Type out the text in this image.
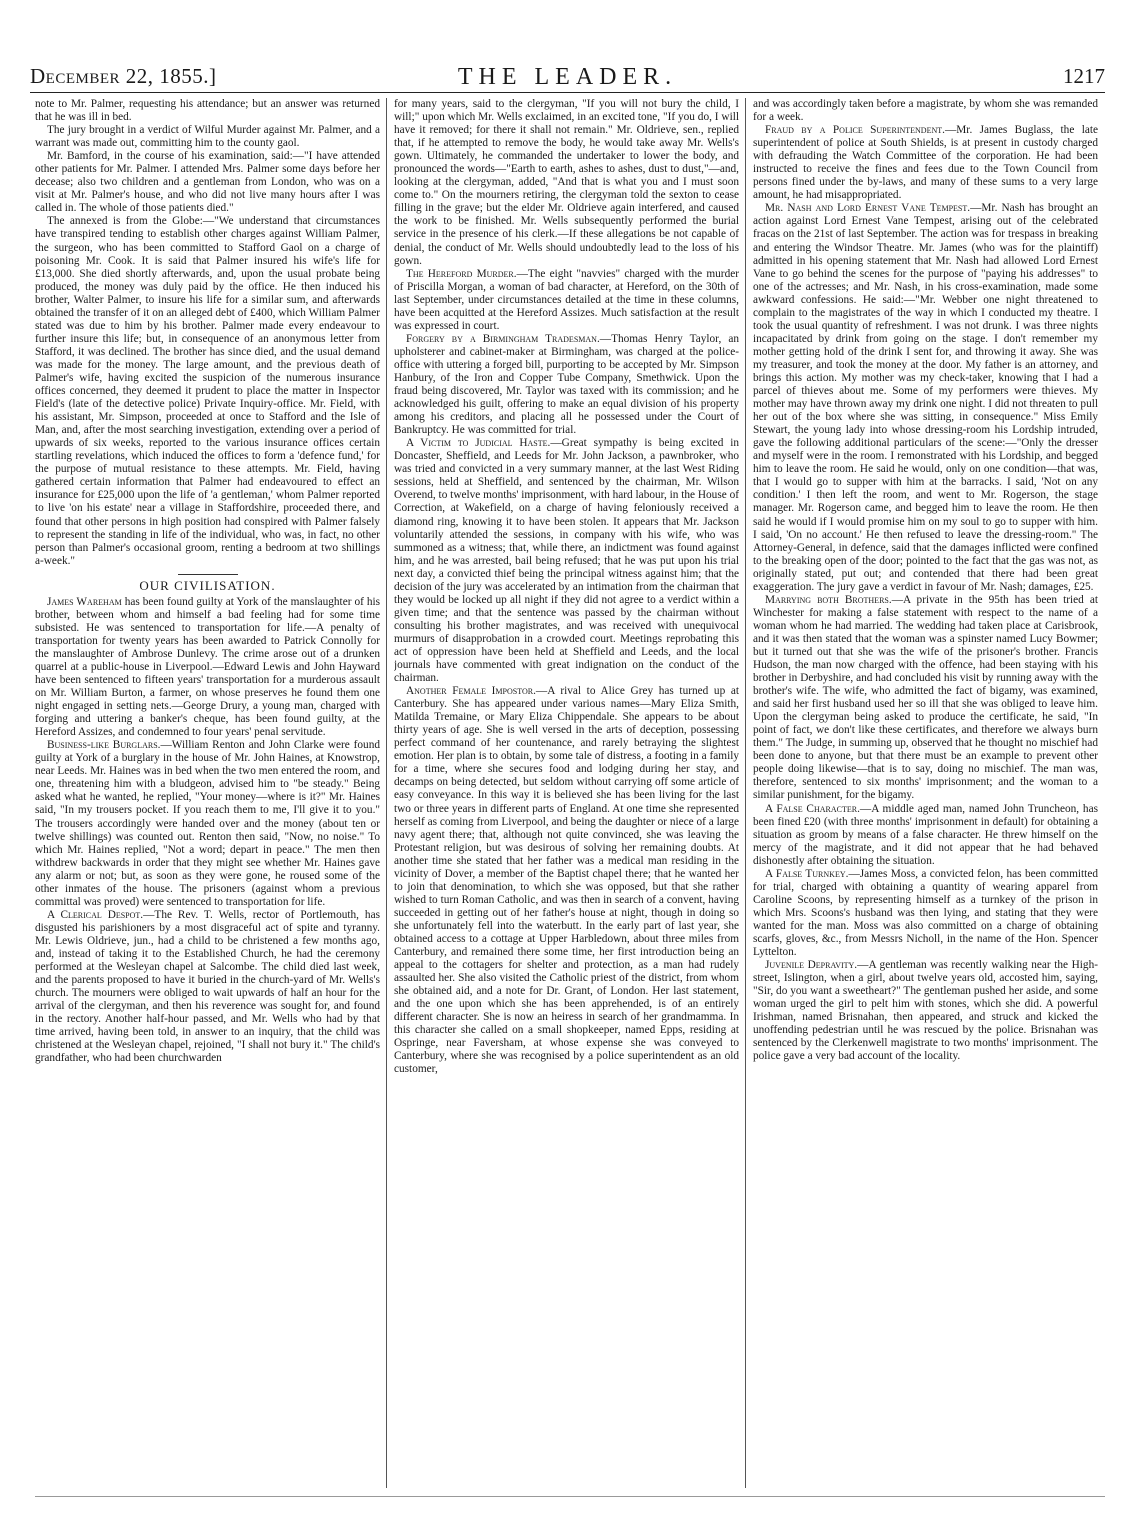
December 22, 1855.]	THE LEADER.	1217

note to Mr. Palmer, requesting his attendance; but an answer was returned that he was ill in bed.

The jury brought in a verdict of Wilful Murder against Mr. Palmer, and a warrant was made out, committing him to the county gaol.

Mr. Bamford, in the course of his examination, said:—"I have attended other patients for Mr. Palmer. I attended Mrs. Palmer some days before her decease; also two children and a gentleman from London, who was on a visit at Mr. Palmer's house, and who did not live many hours after I was called in. The whole of those patients died."

The annexed is from the Globe:—"We understand that circumstances have transpired tending to establish other charges against William Palmer, the surgeon, who has been committed to Stafford Gaol on a charge of poisoning Mr. Cook. It is said that Palmer insured his wife's life for £13,000. She died shortly afterwards, and, upon the usual probate being produced, the money was duly paid by the office. He then induced his brother, Walter Palmer, to insure his life for a similar sum, and afterwards obtained the transfer of it on an alleged debt of £400, which William Palmer stated was due to him by his brother. Palmer made every endeavour to further insure this life; but, in consequence of an anonymous letter from Stafford, it was declined. The brother has since died, and the usual demand was made for the money. The large amount, and the previous death of Palmer's wife, having excited the suspicion of the numerous insurance offices concerned, they deemed it prudent to place the matter in Inspector Field's (late of the detective police) Private Inquiry-office. Mr. Field, with his assistant, Mr. Simpson, proceeded at once to Stafford and the Isle of Man, and, after the most searching investigation, extending over a period of upwards of six weeks, reported to the various insurance offices certain startling revelations, which induced the offices to form a 'defence fund,' for the purpose of mutual resistance to these attempts. Mr. Field, having gathered certain information that Palmer had endeavoured to effect an insurance for £25,000 upon the life of 'a gentleman,' whom Palmer reported to live 'on his estate' near a village in Staffordshire, proceeded there, and found that other persons in high position had conspired with Palmer falsely to represent the standing in life of the individual, who was, in fact, no other person than Palmer's occasional groom, renting a bedroom at two shillings a-week."

OUR CIVILISATION.

James Wareham has been found guilty at York of the manslaughter of his brother, between whom and himself a bad feeling had for some time subsisted. He was sentenced to transportation for life.—A penalty of transportation for twenty years has been awarded to Patrick Connolly for the manslaughter of Ambrose Dunlevy. The crime arose out of a drunken quarrel at a public-house in Liverpool.—Edward Lewis and John Hayward have been sentenced to fifteen years' transportation for a murderous assault on Mr. William Burton, a farmer, on whose preserves he found them one night engaged in setting nets.—George Drury, a young man, charged with forging and uttering a banker's cheque, has been found guilty, at the Hereford Assizes, and condemned to four years' penal servitude.

Business-like Burglars.—William Renton and John Clarke were found guilty at York of a burglary in the house of Mr. John Haines, at Knowstrop, near Leeds. Mr. Haines was in bed when the two men entered the room, and one, threatening him with a bludgeon, advised him to "be steady." Being asked what he wanted, he replied, "Your money—where is it?" Mr. Haines said, "In my trousers pocket. If you reach them to me, I'll give it to you." The trousers accordingly were handed over and the money (about ten or twelve shillings) was counted out. Renton then said, "Now, no noise." To which Mr. Haines replied, "Not a word; depart in peace." The men then withdrew backwards in order that they might see whether Mr. Haines gave any alarm or not; but, as soon as they were gone, he roused some of the other inmates of the house. The prisoners (against whom a previous committal was proved) were sentenced to transportation for life.

A Clerical Despot.—The Rev. T. Wells, rector of Portlemouth, has disgusted his parishioners by a most disgraceful act of spite and tyranny. Mr. Lewis Oldrieve, jun., had a child to be christened a few months ago, and, instead of taking it to the Established Church, he had the ceremony performed at the Wesleyan chapel at Salcombe. The child died last week, and the parents proposed to have it buried in the church-yard of Mr. Wells's church. The mourners were obliged to wait upwards of half an hour for the arrival of the clergyman, and then his reverence was sought for, and found in the rectory. Another half-hour passed, and Mr. Wells who had by that time arrived, having been told, in answer to an inquiry, that the child was christened at the Wesleyan chapel, rejoined, "I shall not bury it." The child's grandfather, who had been churchwarden

for many years, said to the clergyman, "If you will not bury the child, I will;" upon which Mr. Wells exclaimed, in an excited tone, "If you do, I will have it removed; for there it shall not remain." Mr. Oldrieve, sen., replied that, if he attempted to remove the body, he would take away Mr. Wells's gown. Ultimately, he commanded the undertaker to lower the body, and pronounced the words—"Earth to earth, ashes to ashes, dust to dust,"—and, looking at the clergyman, added, "And that is what you and I must soon come to." On the mourners retiring, the clergyman told the sexton to cease filling in the grave; but the elder Mr. Oldrieve again interfered, and caused the work to be finished. Mr. Wells subsequently performed the burial service in the presence of his clerk.—If these allegations be not capable of denial, the conduct of Mr. Wells should undoubtedly lead to the loss of his gown.

The Hereford Murder.—The eight "navvies" charged with the murder of Priscilla Morgan, a woman of bad character, at Hereford, on the 30th of last September, under circumstances detailed at the time in these columns, have been acquitted at the Hereford Assizes. Much satisfaction at the result was expressed in court.

Forgery by a Birmingham Tradesman.—Thomas Henry Taylor, an upholsterer and cabinet-maker at Birmingham, was charged at the police-office with uttering a forged bill, purporting to be accepted by Mr. Simpson Hanbury, of the Iron and Copper Tube Company, Smethwick. Upon the fraud being discovered, Mr. Taylor was taxed with its commission; and he acknowledged his guilt, offering to make an equal division of his property among his creditors, and placing all he possessed under the Court of Bankruptcy. He was committed for trial.

A Victim to Judicial Haste.—Great sympathy is being excited in Doncaster, Sheffield, and Leeds for Mr. John Jackson, a pawnbroker, who was tried and convicted in a very summary manner, at the last West Riding sessions, held at Sheffield, and sentenced by the chairman, Mr. Wilson Overend, to twelve months' imprisonment, with hard labour, in the House of Correction, at Wakefield, on a charge of having feloniously received a diamond ring, knowing it to have been stolen. It appears that Mr. Jackson voluntarily attended the sessions, in company with his wife, who was summoned as a witness; that, while there, an indictment was found against him, and he was arrested, bail being refused; that he was put upon his trial next day, a convicted thief being the principal witness against him; that the decision of the jury was accelerated by an intimation from the chairman that they would be locked up all night if they did not agree to a verdict within a given time; and that the sentence was passed by the chairman without consulting his brother magistrates, and was received with unequivocal murmurs of disapprobation in a crowded court. Meetings reprobating this act of oppression have been held at Sheffield and Leeds, and the local journals have commented with great indignation on the conduct of the chairman.

Another Female Impostor.—A rival to Alice Grey has turned up at Canterbury. She has appeared under various names—Mary Eliza Smith, Matilda Tremaine, or Mary Eliza Chippendale. She appears to be about thirty years of age. She is well versed in the arts of deception, possessing perfect command of her countenance, and rarely betraying the slightest emotion. Her plan is to obtain, by some tale of distress, a footing in a family for a time, where she secures food and lodging during her stay, and decamps on being detected, but seldom without carrying off some article of easy conveyance. In this way it is believed she has been living for the last two or three years in different parts of England. At one time she represented herself as coming from Liverpool, and being the daughter or niece of a large navy agent there; that, although not quite convinced, she was leaving the Protestant religion, but was desirous of solving her remaining doubts. At another time she stated that her father was a medical man residing in the vicinity of Dover, a member of the Baptist chapel there; that he wanted her to join that denomination, to which she was opposed, but that she rather wished to turn Roman Catholic, and was then in search of a convent, having succeeded in getting out of her father's house at night, though in doing so she unfortunately fell into the waterbutt. In the early part of last year, she obtained access to a cottage at Upper Harbledown, about three miles from Canterbury, and remained there some time, her first introduction being an appeal to the cottagers for shelter and protection, as a man had rudely assaulted her. She also visited the Catholic priest of the district, from whom she obtained aid, and a note for Dr. Grant, of London. Her last statement, and the one upon which she has been apprehended, is of an entirely different character. She is now an heiress in search of her grandmamma. In this character she called on a small shopkeeper, named Epps, residing at Ospringe, near Faversham, at whose expense she was conveyed to Canterbury, where she was recognised by a police superintendent as an old customer,

and was accordingly taken before a magistrate, by whom she was remanded for a week.

Fraud by a Police Superintendent.—Mr. James Buglass, the late superintendent of police at South Shields, is at present in custody charged with defrauding the Watch Committee of the corporation. He had been instructed to receive the fines and fees due to the Town Council from persons fined under the by-laws, and many of these sums to a very large amount, he had misappropriated.

Mr. Nash and Lord Ernest Vane Tempest.—Mr. Nash has brought an action against Lord Ernest Vane Tempest, arising out of the celebrated fracas on the 21st of last September. The action was for trespass in breaking and entering the Windsor Theatre. Mr. James (who was for the plaintiff) admitted in his opening statement that Mr. Nash had allowed Lord Ernest Vane to go behind the scenes for the purpose of "paying his addresses" to one of the actresses; and Mr. Nash, in his cross-examination, made some awkward confessions. He said:—"Mr. Webber one night threatened to complain to the magistrates of the way in which I conducted my theatre. I took the usual quantity of refreshment. I was not drunk. I was three nights incapacitated by drink from going on the stage. I don't remember my mother getting hold of the drink I sent for, and throwing it away. She was my treasurer, and took the money at the door. My father is an attorney, and brings this action. My mother was my check-taker, knowing that I had a parcel of thieves about me. Some of my performers were thieves. My mother may have thrown away my drink one night. I did not threaten to pull her out of the box where she was sitting, in consequence." Miss Emily Stewart, the young lady into whose dressing-room his Lordship intruded, gave the following additional particulars of the scene:—"Only the dresser and myself were in the room. I remonstrated with his Lordship, and begged him to leave the room. He said he would, only on one condition—that was, that I would go to supper with him at the barracks. I said, 'Not on any condition.' I then left the room, and went to Mr. Rogerson, the stage manager. Mr. Rogerson came, and begged him to leave the room. He then said he would if I would promise him on my soul to go to supper with him. I said, 'On no account.' He then refused to leave the dressing-room." The Attorney-General, in defence, said that the damages inflicted were confined to the breaking open of the door; pointed to the fact that the gas was not, as originally stated, put out; and contended that there had been great exaggeration. The jury gave a verdict in favour of Mr. Nash; damages, £25.

Marrying both Brothers.—A private in the 95th has been tried at Winchester for making a false statement with respect to the name of a woman whom he had married. The wedding had taken place at Carisbrook, and it was then stated that the woman was a spinster named Lucy Bowmer; but it turned out that she was the wife of the prisoner's brother. Francis Hudson, the man now charged with the offence, had been staying with his brother in Derbyshire, and had concluded his visit by running away with the brother's wife. The wife, who admitted the fact of bigamy, was examined, and said her first husband used her so ill that she was obliged to leave him. Upon the clergyman being asked to produce the certificate, he said, "In point of fact, we don't like these certificates, and therefore we always burn them." The Judge, in summing up, observed that he thought no mischief had been done to anyone, but that there must be an example to prevent other people doing likewise—that is to say, doing no mischief. The man was, therefore, sentenced to six months' imprisonment; and the woman to a similar punishment, for the bigamy.

A False Character.—A middle aged man, named John Truncheon, has been fined £20 (with three months' imprisonment in default) for obtaining a situation as groom by means of a false character. He threw himself on the mercy of the magistrate, and it did not appear that he had behaved dishonestly after obtaining the situation.

A False Turnkey.—James Moss, a convicted felon, has been committed for trial, charged with obtaining a quantity of wearing apparel from Caroline Scoons, by representing himself as a turnkey of the prison in which Mrs. Scoons's husband was then lying, and stating that they were wanted for the man. Moss was also committed on a charge of obtaining scarfs, gloves, &c., from Messrs Nicholl, in the name of the Hon. Spencer Lyttelton.

Juvenile Depravity.—A gentleman was recently walking near the High-street, Islington, when a girl, about twelve years old, accosted him, saying, "Sir, do you want a sweetheart?" The gentleman pushed her aside, and some woman urged the girl to pelt him with stones, which she did. A powerful Irishman, named Brisnahan, then appeared, and struck and kicked the unoffending pedestrian until he was rescued by the police. Brisnahan was sentenced by the Clerkenwell magistrate to two months' imprisonment. The police gave a very bad account of the locality.
